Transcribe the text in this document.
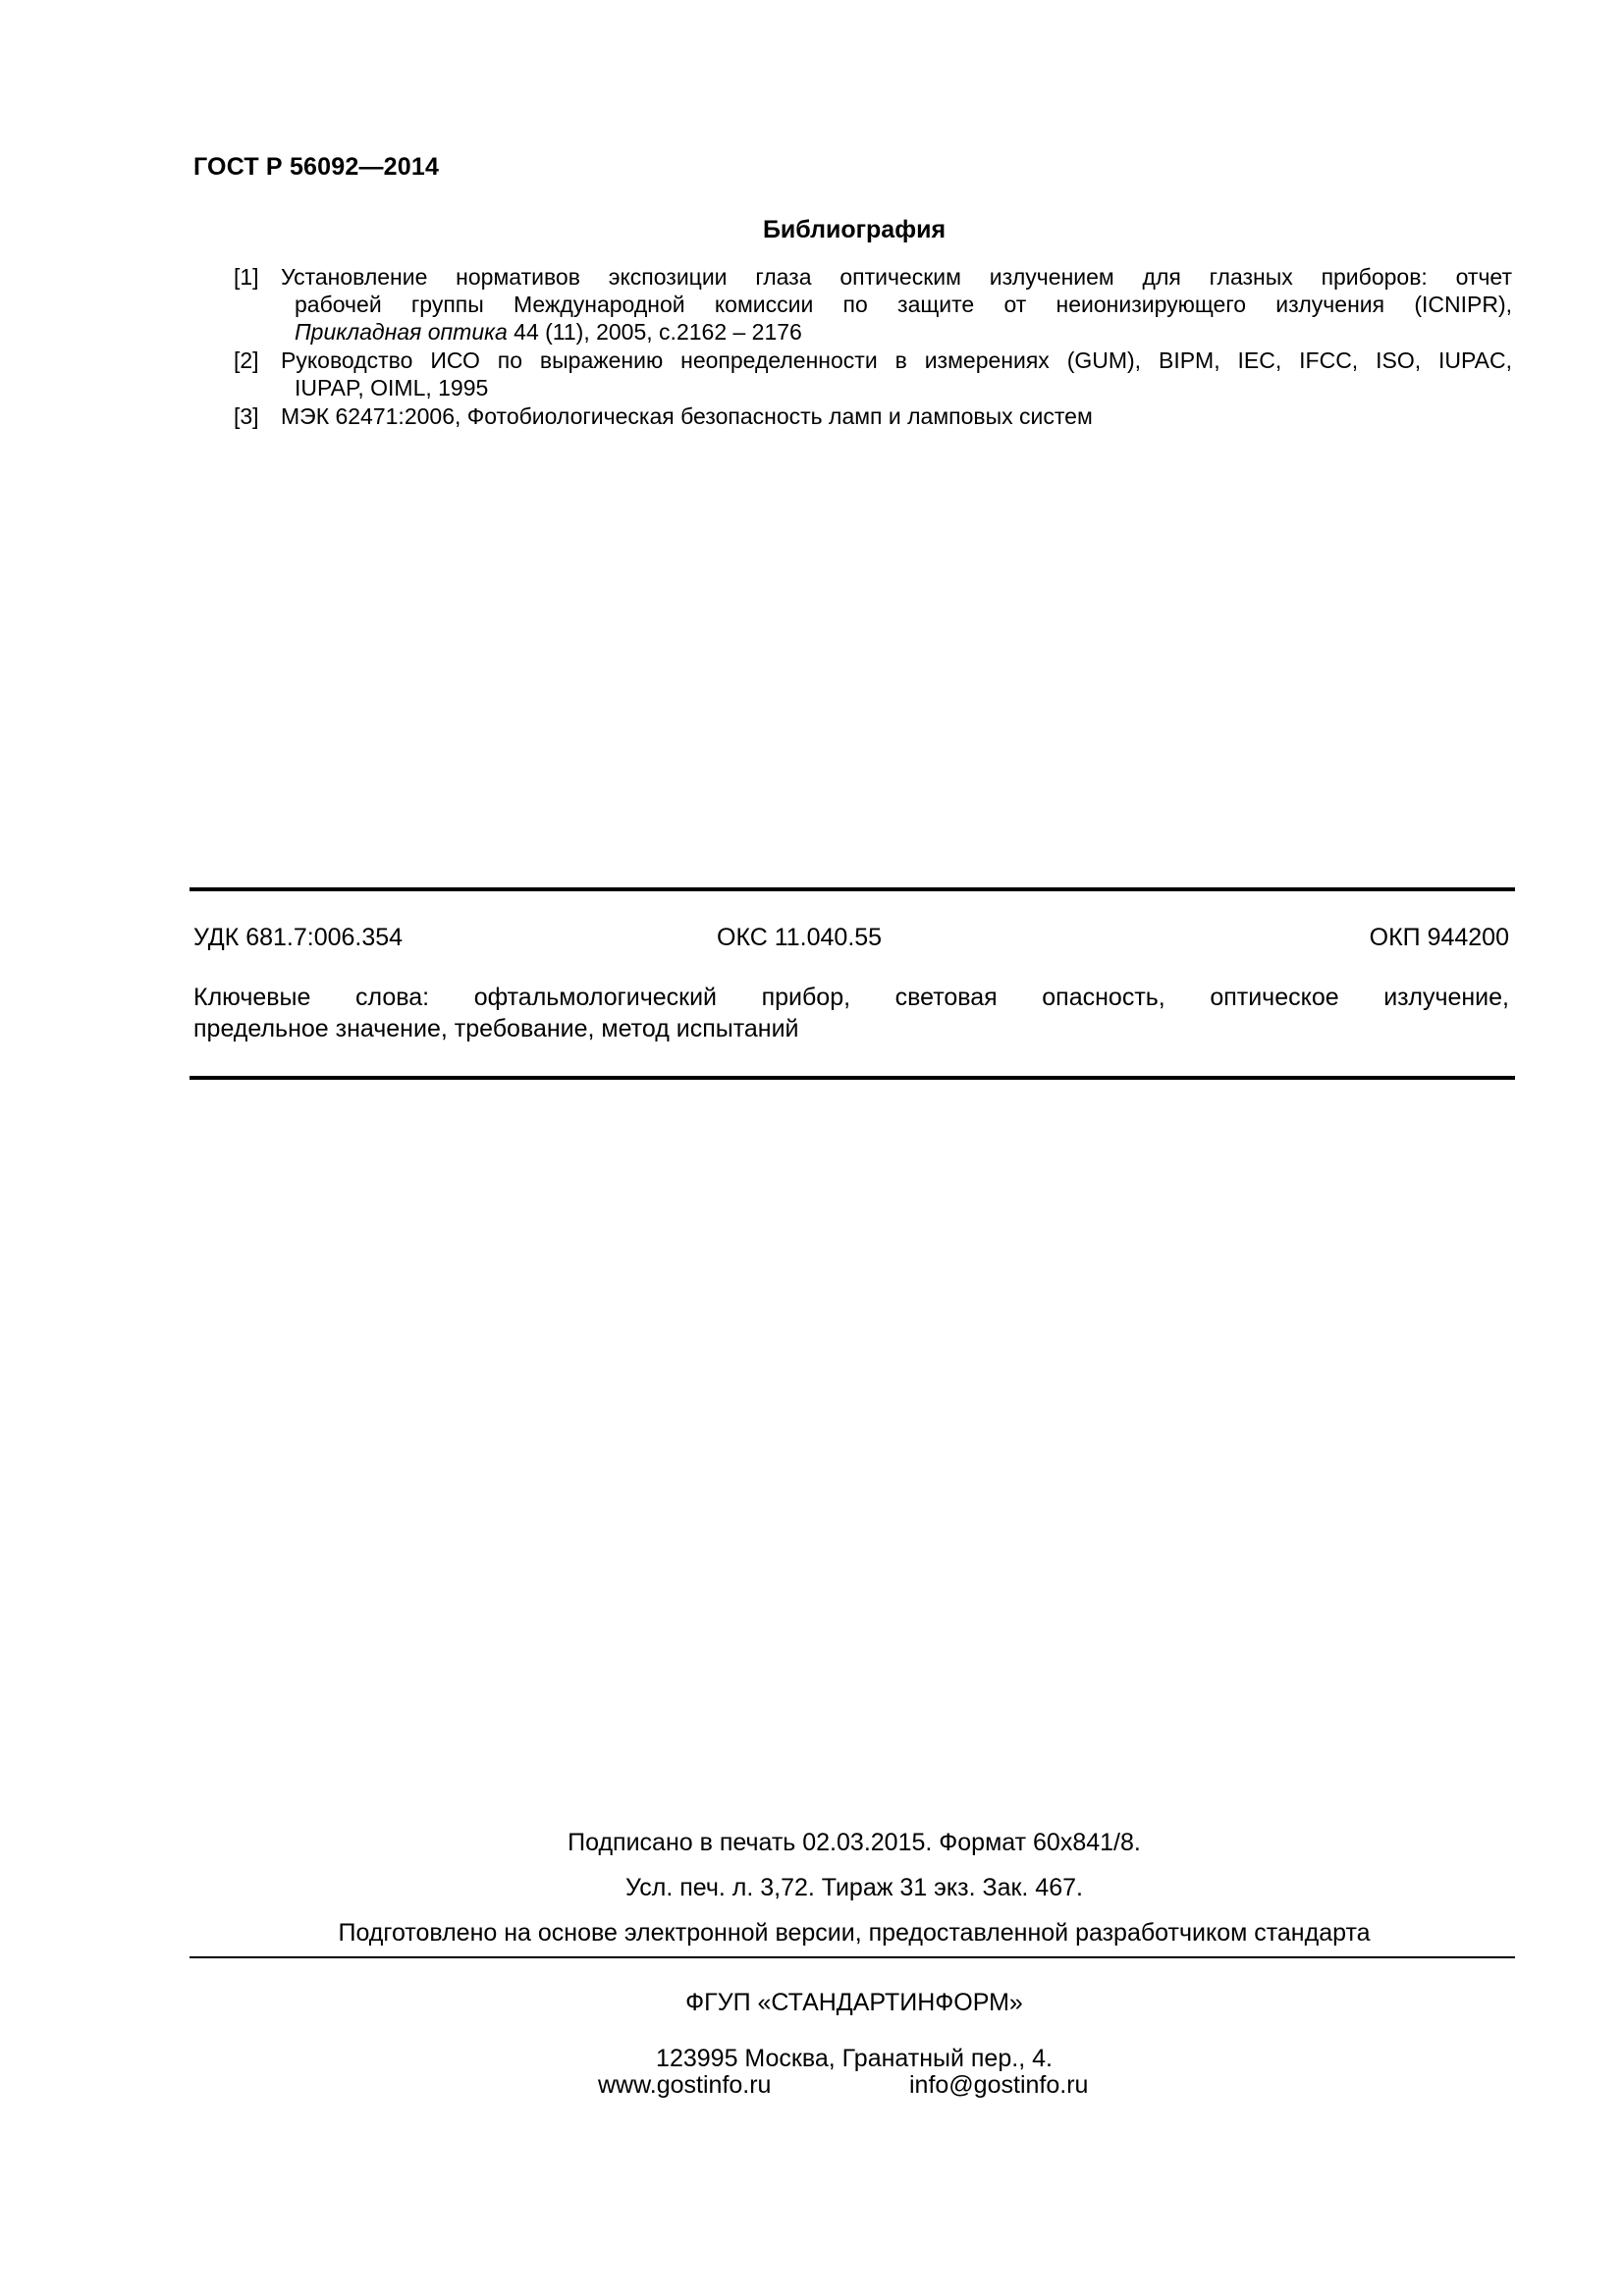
ГОСТ Р 56092—2014
Библиография
[1] Установление нормативов экспозиции глаза оптическим излучением для глазных приборов: отчет
рабочей группы Международной комиссии по защите от неионизирующего излучения (ICNIPR),
Прикладная оптика 44 (11), 2005, с.2162 – 2176
[2] Руководство ИСО по выражению неопределенности в измерениях (GUM), BIPM, IEC, IFCC, ISO, IUPAC,
IUPAP, OIML, 1995
[3] МЭК 62471:2006, Фотобиологическая безопасность ламп и ламповых систем
УДК 681.7:006.354	ОКС 11.040.55	ОКП 944200
Ключевые слова: офтальмологический прибор, световая опасность, оптическое излучение,
предельное значение, требование, метод испытаний
Подписано в печать 02.03.2015. Формат 60x841/8.
Усл. печ. л. 3,72. Тираж 31 экз. Зак. 467.
Подготовлено на основе электронной версии, предоставленной разработчиком стандарта
ФГУП «СТАНДАРТИНФОРМ»
123995 Москва, Гранатный пер., 4.
www.gostinfo.ru	info@gostinfo.ru
